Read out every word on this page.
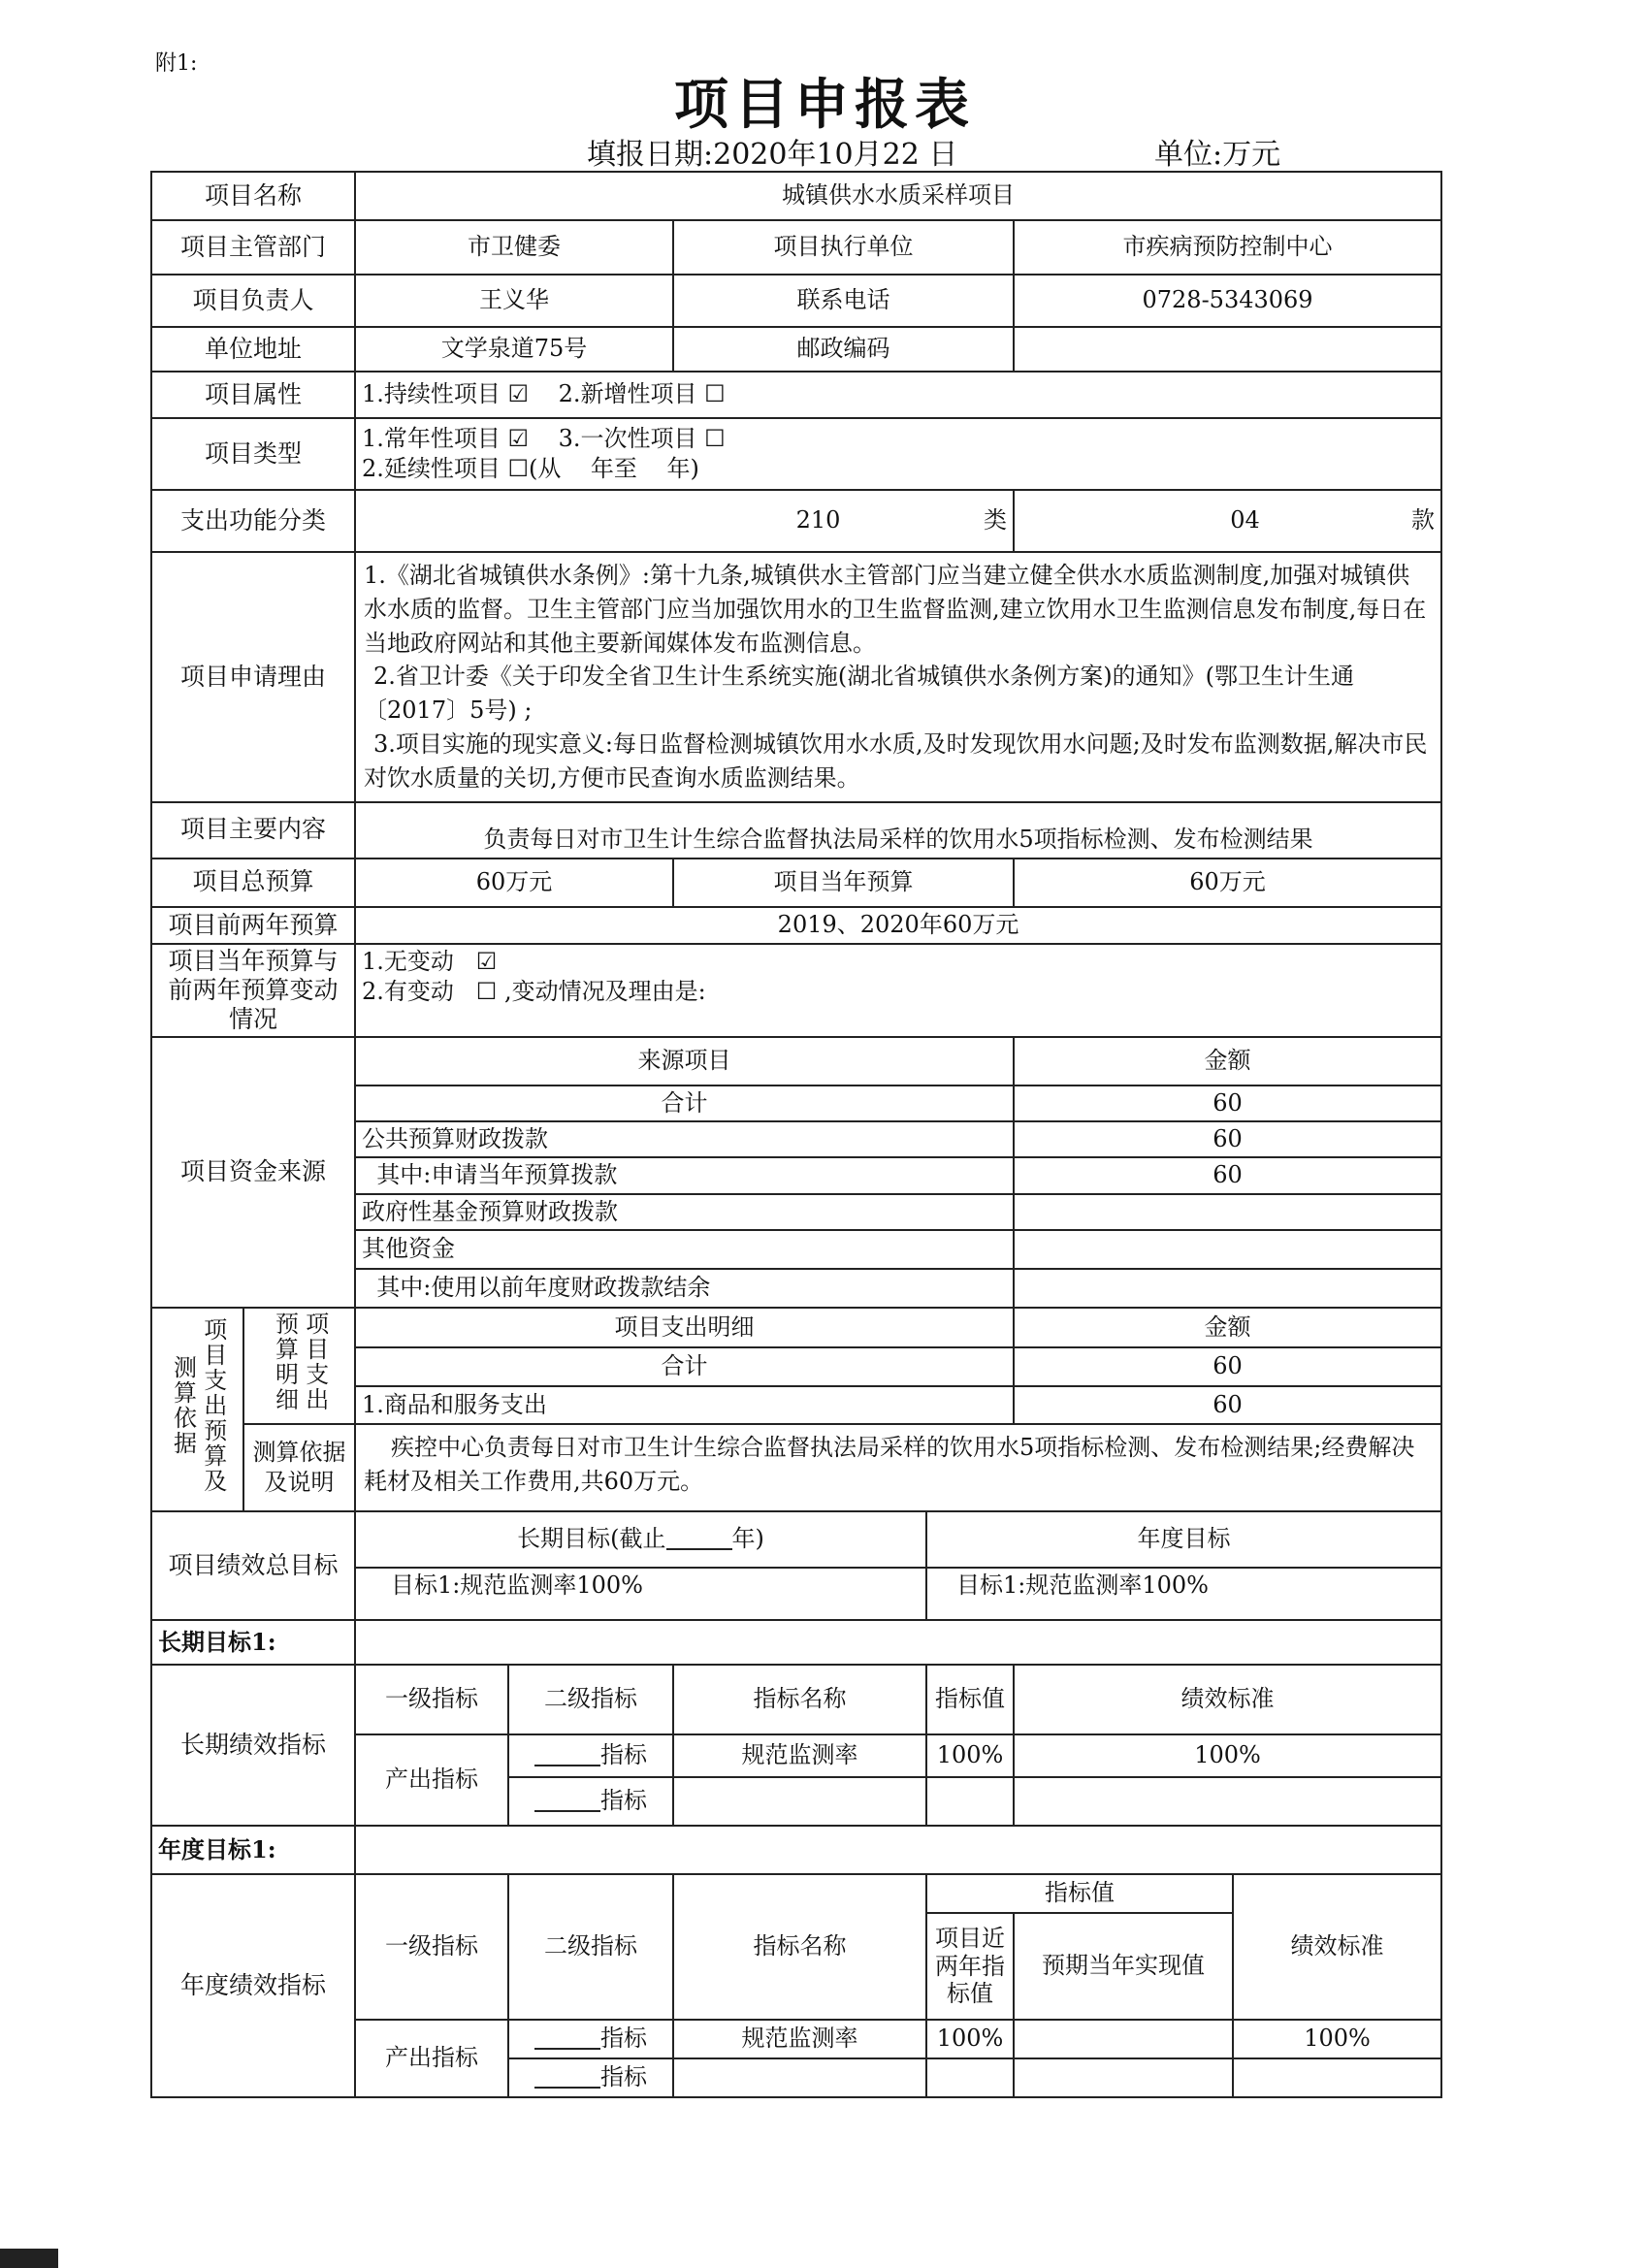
附1:
项目申报表
填报日期:2020年10月22 日	单位:万元
项目名称		城镇供水水质采样项目					
项目主管部门		市卫健委		项目执行单位		市疾病预防控制中心	
项目负责人		王义华		联系电话		0728-5343069	
单位地址		文学泉道75号		邮政编码			
项目属性		1.持续性项目 ☑    2.新增性项目 ☐					
项目类型		1.常年性项目 ☑    3.一次性项目 ☐
2.延续性项目 ☐(从    年至    年)					

支出功能分类		210 类				04 款	

项目申请理由		1.《湖北省城镇供水条例》:第十九条,城镇供水主管部门应当建立健全供水水质监测制度,加强对城镇供水水质的监督。卫生主管部门应当加强饮用水的卫生监督监测,建立饮用水卫生监测信息发布制度,每日在当地政府网站和其他主要新闻媒体发布监测信息。
2.省卫计委《关于印发全省卫生计生系统实施(湖北省城镇供水条例方案)的通知》(鄂卫生计生通〔2017〕5号) ;
3.项目实施的现实意义:每日监督检测城镇饮用水水质,及时发现饮用水问题;及时发布监测数据,解决市民对饮水质量的关切,方便市民查询水质监测结果。					

项目主要内容		负责每日对市卫生计生综合监督执法局采样的饮用水5项指标检测、发布检测结果					
项目总预算		60万元		项目当年预算		60万元	
项目前两年预算		2019、2020年60万元					
项目当年预算与前两年预算变动情况		1.无变动   ☑
2.有变动   ☐ ,变动情况及理由是:					

项目资金来源		来源项目				金额	
		合计				60	
		公共预算财政拨款				60	
		其中:申请当年预算拨款				60	
		政府性基金预算财政拨款					
		其他资金					
		其中:使用以前年度财政拨款结余					
项目支出预算及测算依据	项目支出预算明细	项目支出明细				金额	
		合计				60	
		1.商品和服务支出				60	
	测算依据及说明	疾控中心负责每日对市卫生计生综合监督执法局采样的饮用水5项指标检测、发布检测结果;经费解决耗材及相关工作费用,共60万元。					
项目绩效总目标		长期目标(截止 年)			年度目标		
		目标1:规范监测率100%			目标1:规范监测率100%		
长期目标1:							
长期绩效指标		一级指标	二级指标	指标名称	指标值	绩效标准	
		产出指标	指标	规范监测率	100%	100%	
			指标				
年度目标1:							
年度绩效指标		一级指标	二级指标	指标名称	指标值		绩效标准
					项目近两年指标值	预期当年实现值	
		产出指标	指标	规范监测率	100%		100%
			指标				
